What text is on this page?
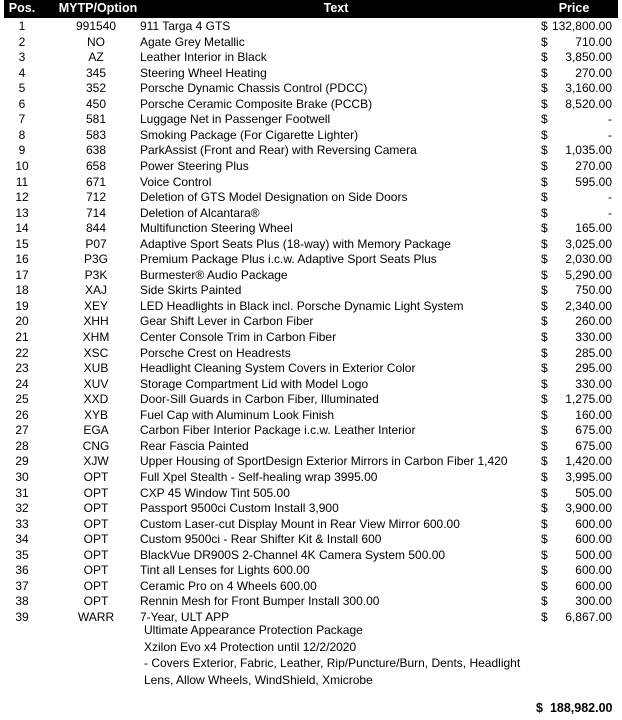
Pos.	MYTP/Option	Text	Price
1	991540	911 Targa 4 GTS	$ 132,800.00
2	NO	Agate Grey Metallic	$ 710.00
3	AZ	Leather Interior in Black	$ 3,850.00
4	345	Steering Wheel Heating	$ 270.00
5	352	Porsche Dynamic Chassis Control (PDCC)	$ 3,160.00
6	450	Porsche Ceramic Composite Brake (PCCB)	$ 8,520.00
7	581	Luggage Net in Passenger Footwell	$	-
8	583	Smoking Package (For Cigarette Lighter)	$	-
9	638	ParkAssist (Front and Rear) with Reversing Camera	$ 1,035.00
10	658	Power Steering Plus	$ 270.00
11	671	Voice Control	$ 595.00
12	712	Deletion of GTS Model Designation on Side Doors	$	-
13	714	Deletion of Alcantara®	$	-
14	844	Multifunction Steering Wheel	$ 165.00
15	P07	Adaptive Sport Seats Plus (18-way) with Memory Package	$ 3,025.00
16	P3G	Premium Package Plus i.c.w. Adaptive Sport Seats Plus	$ 2,030.00
17	P3K	Burmester® Audio Package	$ 5,290.00
18	XAJ	Side Skirts Painted	$ 750.00
19	XEY	LED Headlights in Black incl. Porsche Dynamic Light System	$ 2,340.00
20	XHH	Gear Shift Lever in Carbon Fiber	$ 260.00
21	XHM	Center Console Trim in Carbon Fiber	$ 330.00
22	XSC	Porsche Crest on Headrests	$ 285.00
23	XUB	Headlight Cleaning System Covers in Exterior Color	$ 295.00
24	XUV	Storage Compartment Lid with Model Logo	$ 330.00
25	XXD	Door-Sill Guards in Carbon Fiber, Illuminated	$ 1,275.00
26	XYB	Fuel Cap with Aluminum Look Finish	$ 160.00
27	EGA	Carbon Fiber Interior Package i.c.w. Leather Interior	$ 675.00
28	CNG	Rear Fascia Painted	$ 675.00
29	XJW	Upper Housing of SportDesign Exterior Mirrors in Carbon Fiber 1,420	$ 1,420.00
30	OPT	Full Xpel Stealth - Self-healing wrap 3995.00	$ 3,995.00
31	OPT	CXP 45 Window Tint 505.00	$ 505.00
32	OPT	Passport 9500ci Custom Install 3,900	$ 3,900.00
33	OPT	Custom Laser-cut Display Mount in Rear View Mirror 600.00	$ 600.00
34	OPT	Custom 9500ci - Rear Shifter Kit & Install 600	$ 600.00
35	OPT	BlackVue DR900S 2-Channel 4K Camera System 500.00	$ 500.00
36	OPT	Tint all Lenses for Lights 600.00	$ 600.00
37	OPT	Ceramic Pro on 4 Wheels 600.00	$ 600.00
38	OPT	Rennin Mesh for Front Bumper Install 300.00	$ 300.00
39	WARR	7-Year, ULT APP	$ 6,867.00
Ultimate Appearance Protection Package
Xzilon Evo x4 Protection until 12/2/2020
- Covers Exterior, Fabric, Leather, Rip/Puncture/Burn, Dents, Headlight
Lens, Allow Wheels, WindShield, Xmicrobe
$ 188,982.00
